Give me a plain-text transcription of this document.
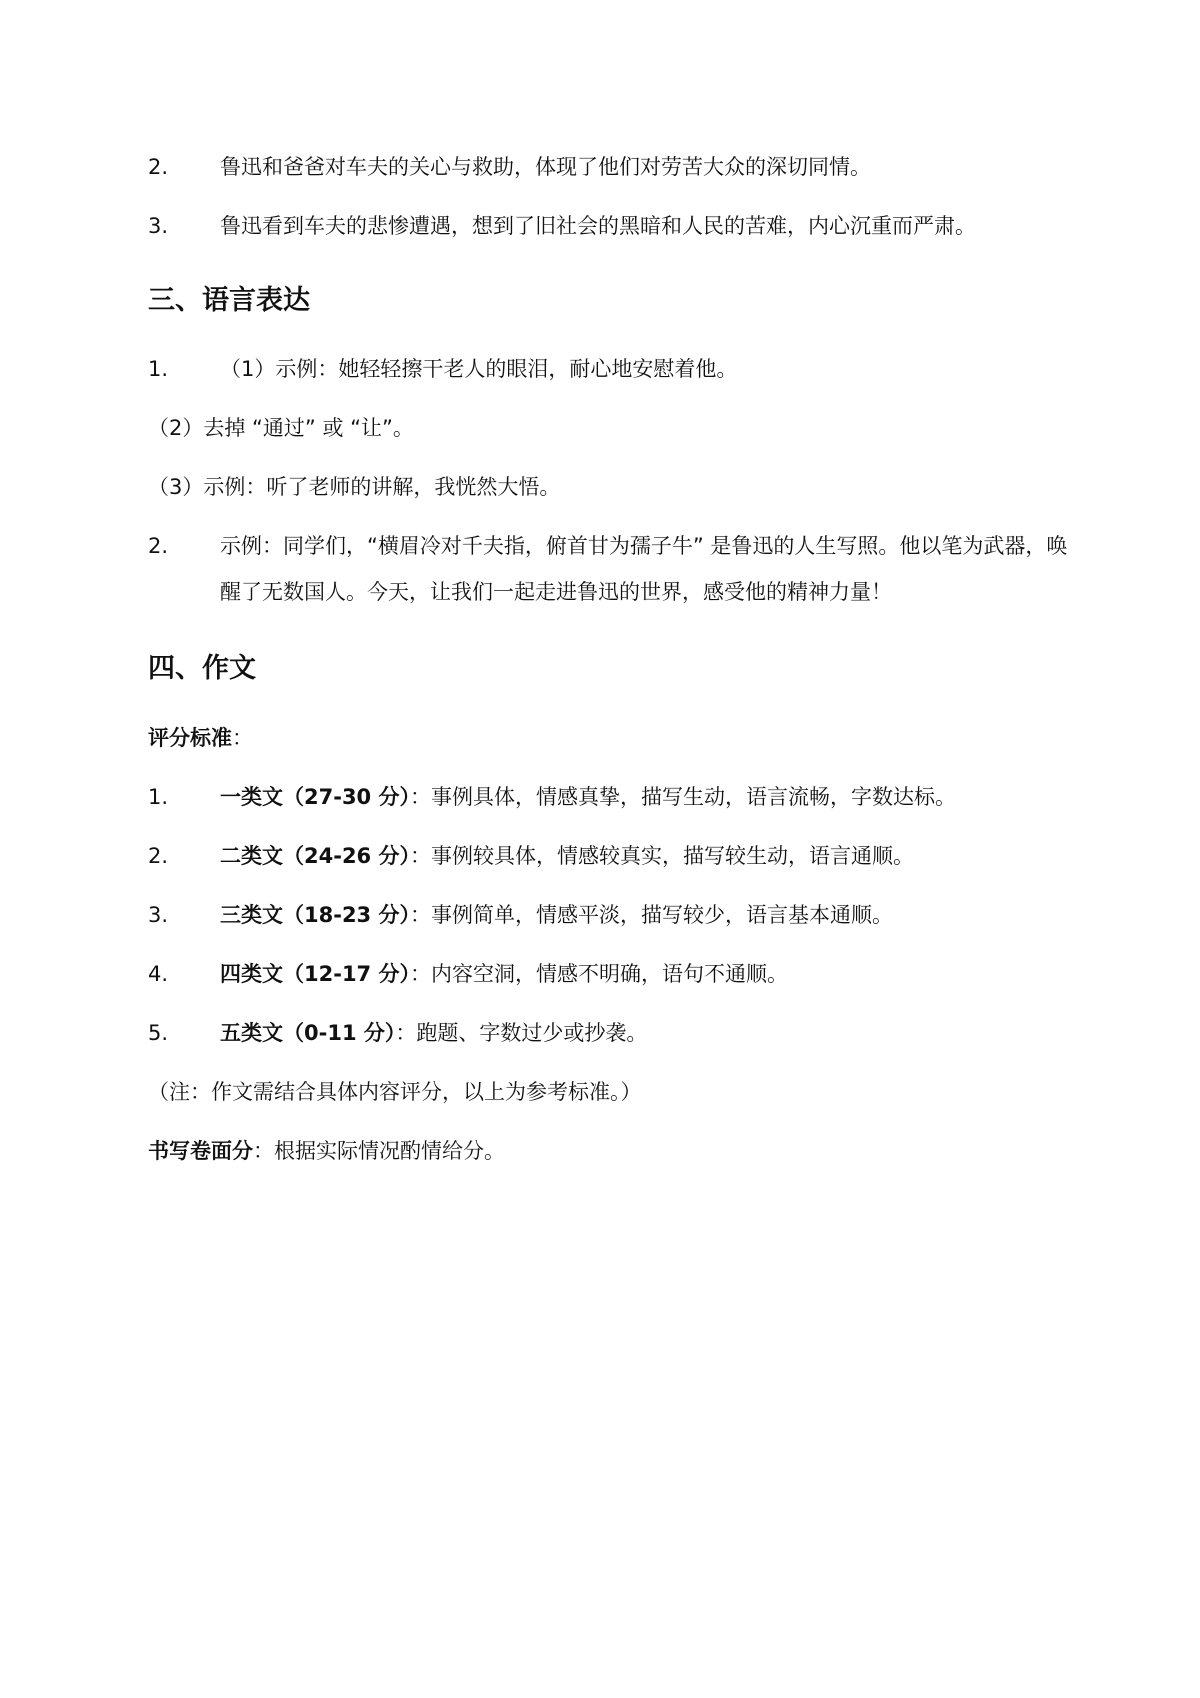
2. 鲁迅和爸爸对车夫的关心与救助，体现了他们对劳苦大众的深切同情。
3. 鲁迅看到车夫的悲惨遭遇，想到了旧社会的黑暗和人民的苦难，内心沉重而严肃。
三、语言表达
1. （1）示例：她轻轻擦干老人的眼泪，耐心地安慰着他。
（2）去掉 “通过” 或 “让”。
（3）示例：听了老师的讲解，我恍然大悟。
2. 示例：同学们，“横眉冷对千夫指，俯首甘为孺子牛” 是鲁迅的人生写照。他以笔为武器，唤醒了无数国人。今天，让我们一起走进鲁迅的世界，感受他的精神力量！
四、作文
评分标准：
1. 一类文（27-30 分）：事例具体，情感真挚，描写生动，语言流畅，字数达标。
2. 二类文（24-26 分）：事例较具体，情感较真实，描写较生动，语言通顺。
3. 三类文（18-23 分）：事例简单，情感平淡，描写较少，语言基本通顺。
4. 四类文（12-17 分）：内容空洞，情感不明确，语句不通顺。
5. 五类文（0-11 分）：跑题、字数过少或抄袭。
（注：作文需结合具体内容评分，以上为参考标准。）
书写卷面分：根据实际情况酌情给分。
